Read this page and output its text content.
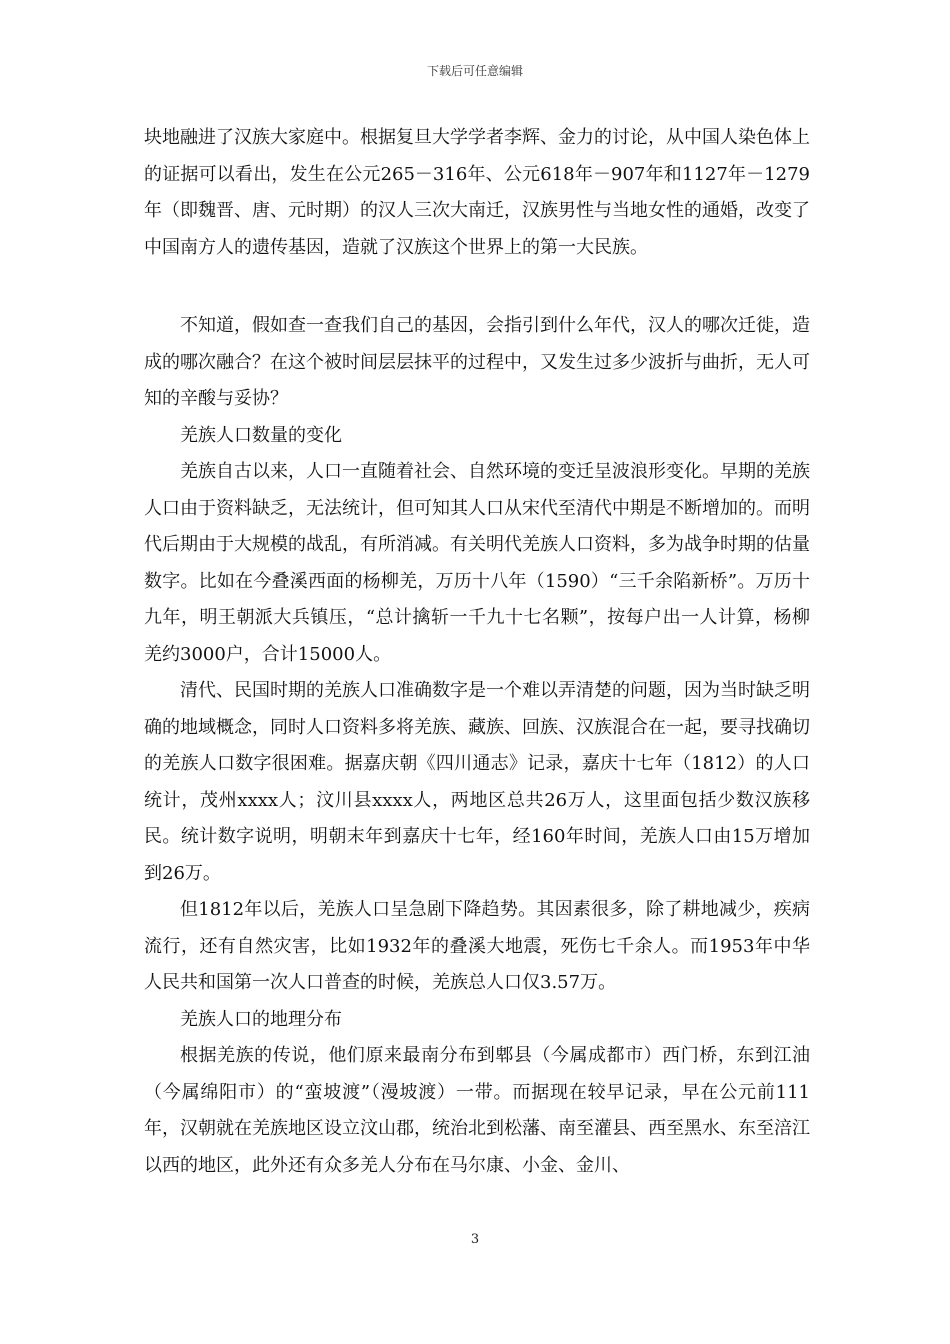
下载后可任意编辑

块地融进了汉族大家庭中。根据复旦大学学者李辉、金力的讨论，从中国人染色体上的证据可以看出，发生在公元265－316年、公元618年－907年和1127年－1279年（即魏晋、唐、元时期）的汉人三次大南迁，汉族男性与当地女性的通婚，改变了中国南方人的遗传基因，造就了汉族这个世界上的第一大民族。

不知道，假如查一查我们自己的基因，会指引到什么年代，汉人的哪次迁徙，造成的哪次融合？在这个被时间层层抹平的过程中，又发生过多少波折与曲折，无人可知的辛酸与妥协？

羌族人口数量的变化

羌族自古以来，人口一直随着社会、自然环境的变迁呈波浪形变化。早期的羌族人口由于资料缺乏，无法统计，但可知其人口从宋代至清代中期是不断增加的。而明代后期由于大规模的战乱，有所消减。有关明代羌族人口资料，多为战争时期的估量数字。比如在今叠溪西面的杨柳羌，万历十八年（1590）“三千余陷新桥”。万历十九年，明王朝派大兵镇压，“总计擒斩一千九十七名颗”，按每户出一人计算，杨柳羌约3000户，合计15000人。

清代、民国时期的羌族人口准确数字是一个难以弄清楚的问题，因为当时缺乏明确的地域概念，同时人口资料多将羌族、藏族、回族、汉族混合在一起，要寻找确切的羌族人口数字很困难。据嘉庆朝《四川通志》记录，嘉庆十七年（1812）的人口统计，茂州xxxx人；汶川县xxxx人，两地区总共26万人，这里面包括少数汉族移民。统计数字说明，明朝末年到嘉庆十七年，经160年时间，羌族人口由15万增加到26万。

但1812年以后，羌族人口呈急剧下降趋势。其因素很多，除了耕地减少，疾病流行，还有自然灾害，比如1932年的叠溪大地震，死伤七千余人。而1953年中华人民共和国第一次人口普查的时候，羌族总人口仅3.57万。

羌族人口的地理分布

根据羌族的传说，他们原来最南分布到郫县（今属成都市）西门桥，东到江油（今属绵阳市）的“蛮坡渡”（漫坡渡）一带。而据现在较早记录，早在公元前111年，汉朝就在羌族地区设立汶山郡，统治北到松藩、南至灌县、西至黑水、东至涪江以西的地区，此外还有众多羌人分布在马尔康、小金、金川、

3
